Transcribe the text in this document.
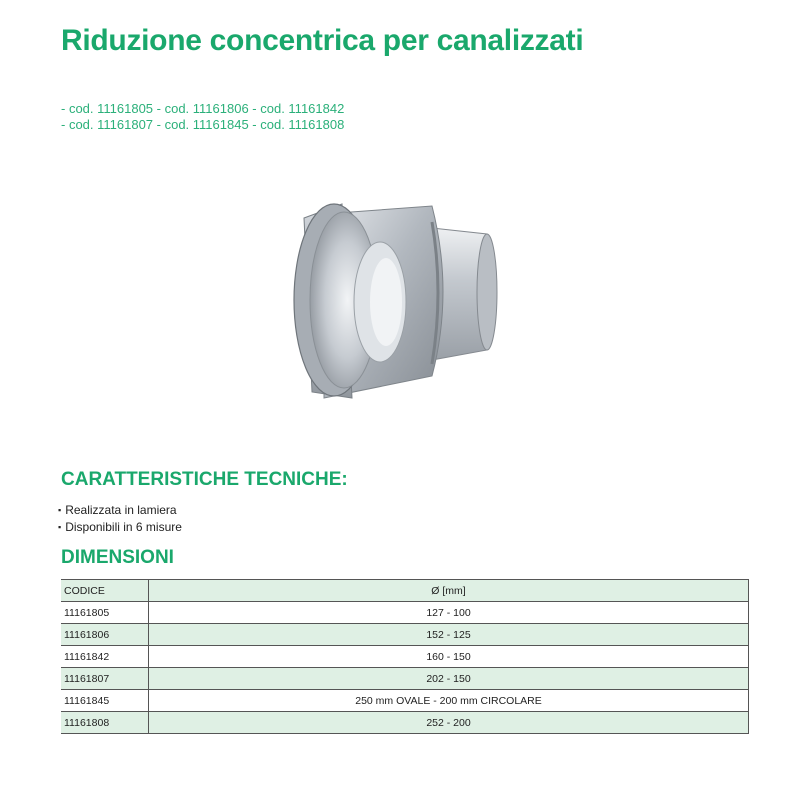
Riduzione concentrica per canalizzati
- cod. 11161805 - cod. 11161806 - cod. 11161842
- cod. 11161807 - cod. 11161845 - cod. 11161808
CARATTERISTICHE TECNICHE:
▪ Realizzata in lamiera
▪ Disponibili in 6 misure
DIMENSIONI
CODICE	Ø [mm]
11161805	127 - 100
11161806	152 - 125
11161842	160 - 150
11161807	202 - 150
11161845	250 mm OVALE - 200 mm CIRCOLARE
11161808	252 - 200
